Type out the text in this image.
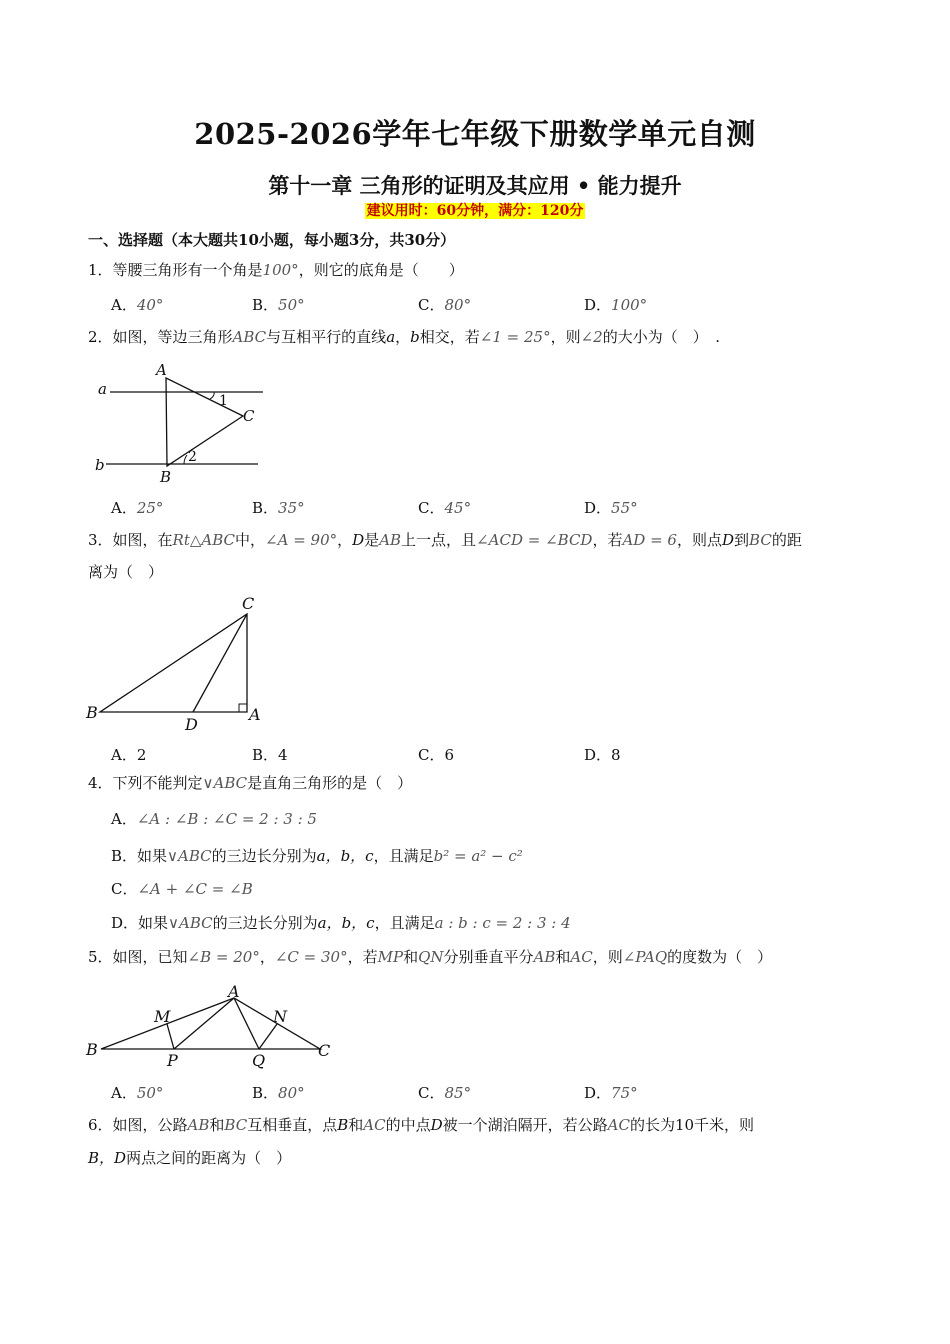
2025-2026学年七年级下册数学单元自测
第十一章 三角形的证明及其应用 • 能力提升
建议用时：60分钟，满分：120分
一、选择题（本大题共10小题，每小题3分，共30分）
1．等腰三角形有一个角是100°，则它的底角是（　　）
A．40°	B．50°	C．80°	D．100°
2．如图，等边三角形ABC与互相平行的直线a，b相交，若∠1 = 25°，则∠2的大小为（　）　.
a
b
A
B
C
1
2
A．25°	B．35°	C．45°	D．55°
3．如图，在Rt△ABC中，∠A = 90°，D是AB上一点，且∠ACD = ∠BCD，若AD = 6，则点D到BC的距
离为（　）
C
B
D
A
A．2	B．4	C．6	D．8
4．下列不能判定∨ABC是直角三角形的是（　）
A．∠A : ∠B : ∠C = 2 : 3 : 5
B．如果∨ABC的三边长分别为a，b，c，且满足b² = a² − c²
C．∠A + ∠C = ∠B
D．如果∨ABC的三边长分别为a，b，c，且满足a : b : c = 2 : 3 : 4
5．如图，已知∠B = 20°，∠C = 30°，若MP和QN分别垂直平分AB和AC，则∠PAQ的度数为（　）
A
M	N
B
P	Q
C
A．50°	B．80°	C．85°	D．75°
6．如图，公路AB和BC互相垂直，点B和AC的中点D被一个湖泊隔开，若公路AC的长为10千米，则
B，D两点之间的距离为（　）
